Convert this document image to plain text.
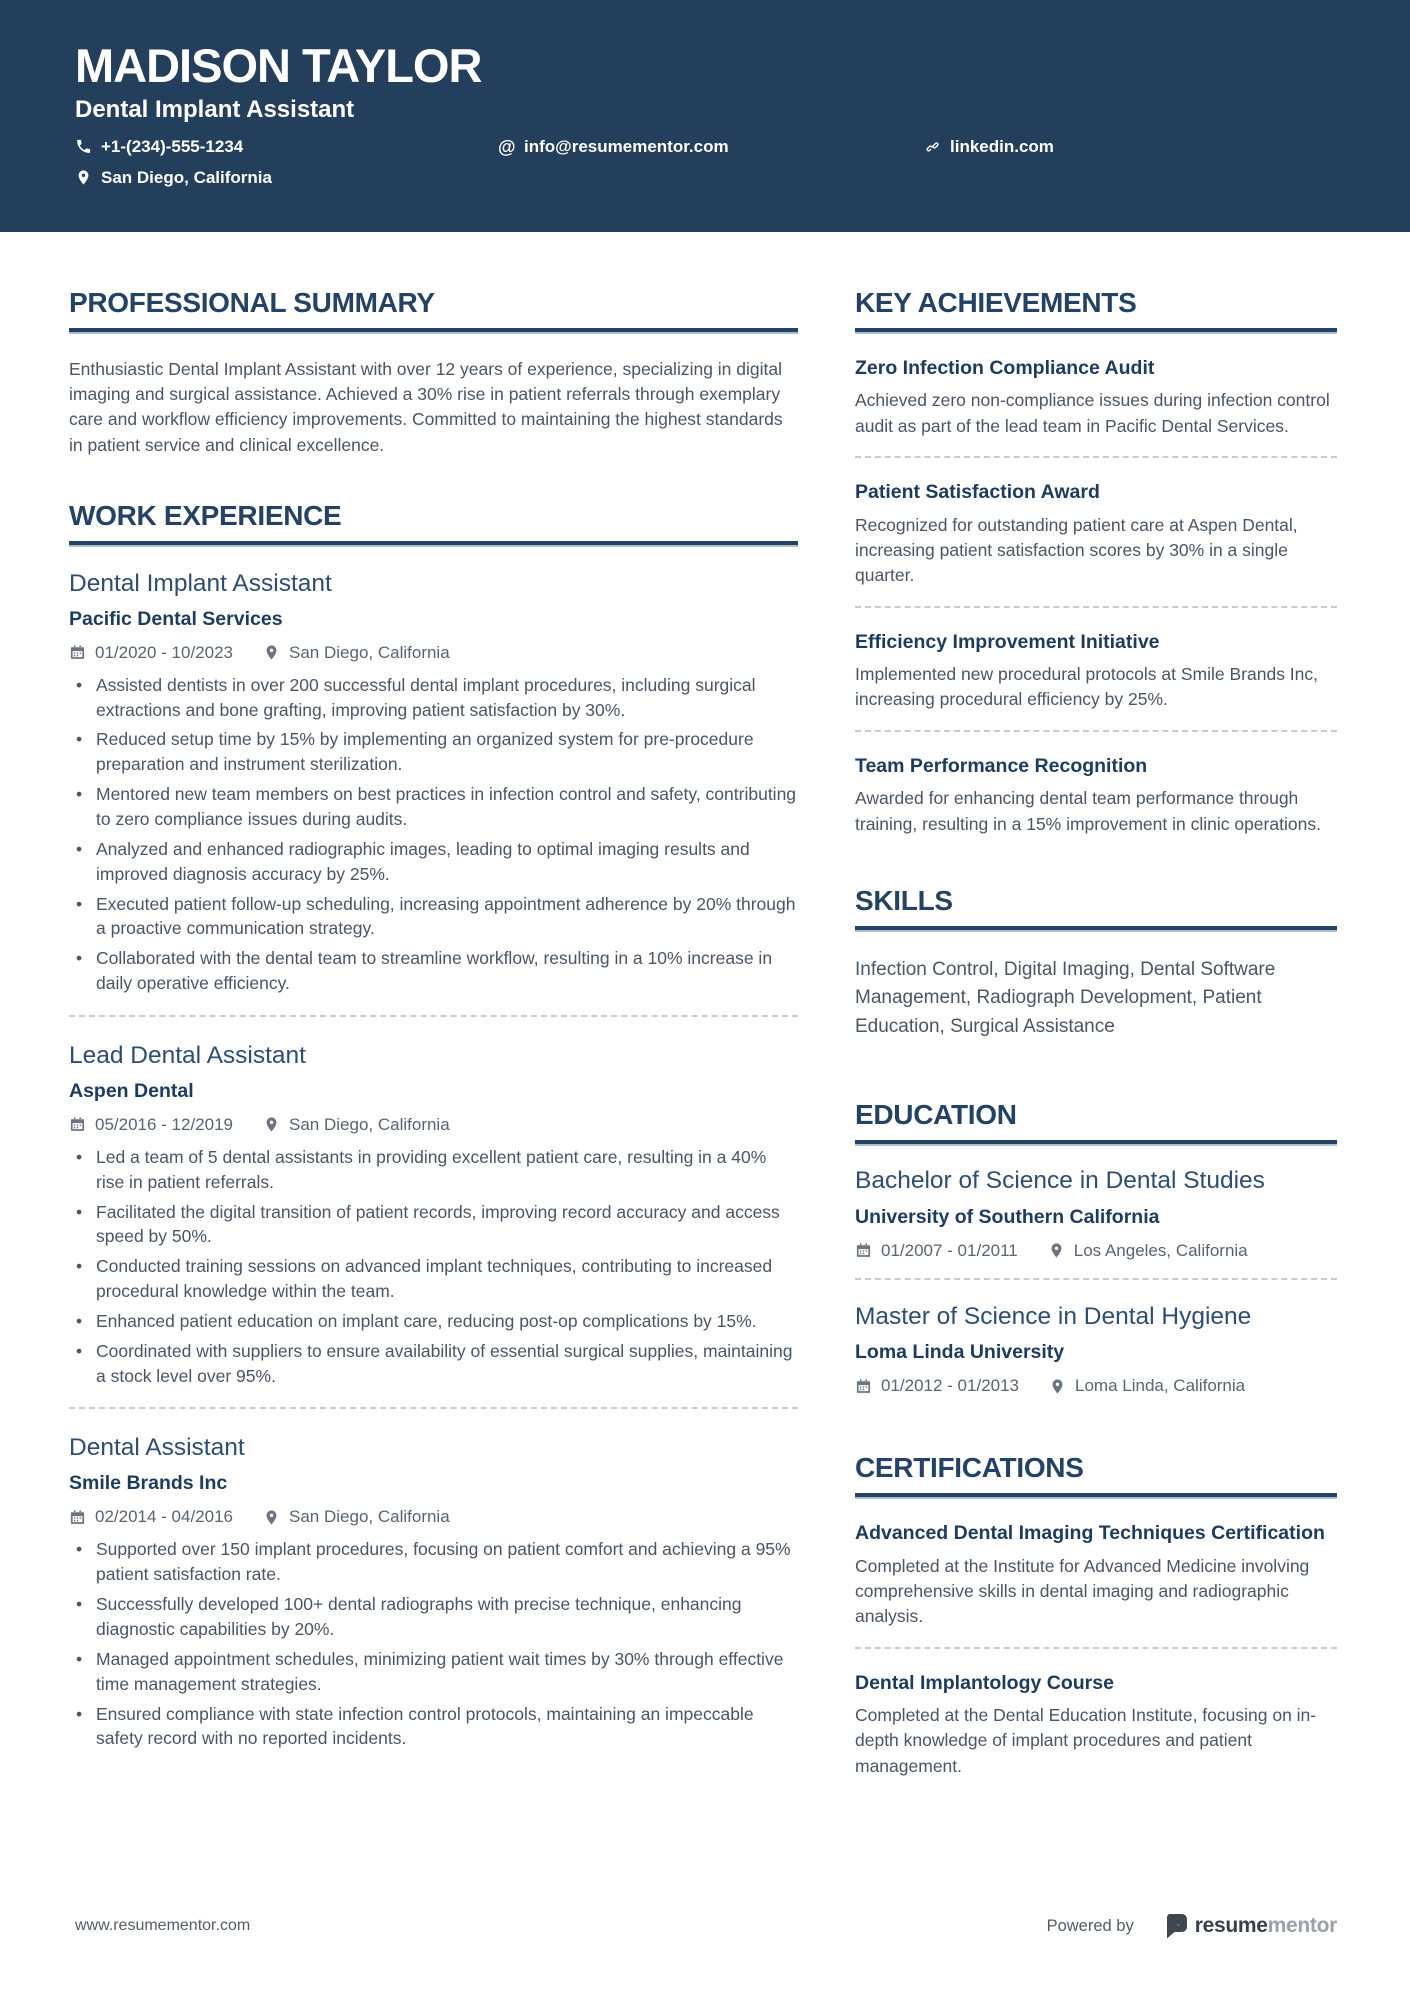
MADISON TAYLOR
Dental Implant Assistant
+1-(234)-555-1234	@ info@resumementor.com	linkedin.com
San Diego, California
PROFESSIONAL SUMMARY

Enthusiastic Dental Implant Assistant with over 12 years of experience, specializing in digital imaging and surgical assistance. Achieved a 30% rise in patient referrals through exemplary care and workflow efficiency improvements. Committed to maintaining the highest standards in patient service and clinical excellence.

WORK EXPERIENCE
Dental Implant Assistant
Pacific Dental Services
01/2020 - 10/2023	San Diego, California
• Assisted dentists in over 200 successful dental implant procedures, including surgical extractions and bone grafting, improving patient satisfaction by 30%.
• Reduced setup time by 15% by implementing an organized system for pre-procedure preparation and instrument sterilization.
• Mentored new team members on best practices in infection control and safety, contributing to zero compliance issues during audits.
• Analyzed and enhanced radiographic images, leading to optimal imaging results and improved diagnosis accuracy by 25%.
• Executed patient follow-up scheduling, increasing appointment adherence by 20% through a proactive communication strategy.
• Collaborated with the dental team to streamline workflow, resulting in a 10% increase in daily operative efficiency.
Lead Dental Assistant
Aspen Dental
05/2016 - 12/2019	San Diego, California
• Led a team of 5 dental assistants in providing excellent patient care, resulting in a 40% rise in patient referrals.
• Facilitated the digital transition of patient records, improving record accuracy and access speed by 50%.
• Conducted training sessions on advanced implant techniques, contributing to increased procedural knowledge within the team.
• Enhanced patient education on implant care, reducing post-op complications by 15%.
• Coordinated with suppliers to ensure availability of essential surgical supplies, maintaining a stock level over 95%.
Dental Assistant
Smile Brands Inc
02/2014 - 04/2016	San Diego, California
• Supported over 150 implant procedures, focusing on patient comfort and achieving a 95% patient satisfaction rate.
• Successfully developed 100+ dental radiographs with precise technique, enhancing diagnostic capabilities by 20%.
• Managed appointment schedules, minimizing patient wait times by 30% through effective time management strategies.
• Ensured compliance with state infection control protocols, maintaining an impeccable safety record with no reported incidents.
KEY ACHIEVEMENTS
Zero Infection Compliance Audit

Achieved zero non-compliance issues during infection control audit as part of the lead team in Pacific Dental Services.

Patient Satisfaction Award

Recognized for outstanding patient care at Aspen Dental, increasing patient satisfaction scores by 30% in a single quarter.

Efficiency Improvement Initiative

Implemented new procedural protocols at Smile Brands Inc, increasing procedural efficiency by 25%.

Team Performance Recognition

Awarded for enhancing dental team performance through training, resulting in a 15% improvement in clinic operations.

SKILLS

Infection Control, Digital Imaging, Dental Software Management, Radiograph Development, Patient Education, Surgical Assistance

EDUCATION
Bachelor of Science in Dental Studies
University of Southern California
01/2007 - 01/2011	Los Angeles, California
Master of Science in Dental Hygiene
Loma Linda University
01/2012 - 01/2013	Loma Linda, California
CERTIFICATIONS
Advanced Dental Imaging Techniques Certification

Completed at the Institute for Advanced Medicine involving comprehensive skills in dental imaging and radiographic analysis.

Dental Implantology Course

Completed at the Dental Education Institute, focusing on in-depth knowledge of implant procedures and patient management.

www.resumementor.com	Powered by	resumementor
